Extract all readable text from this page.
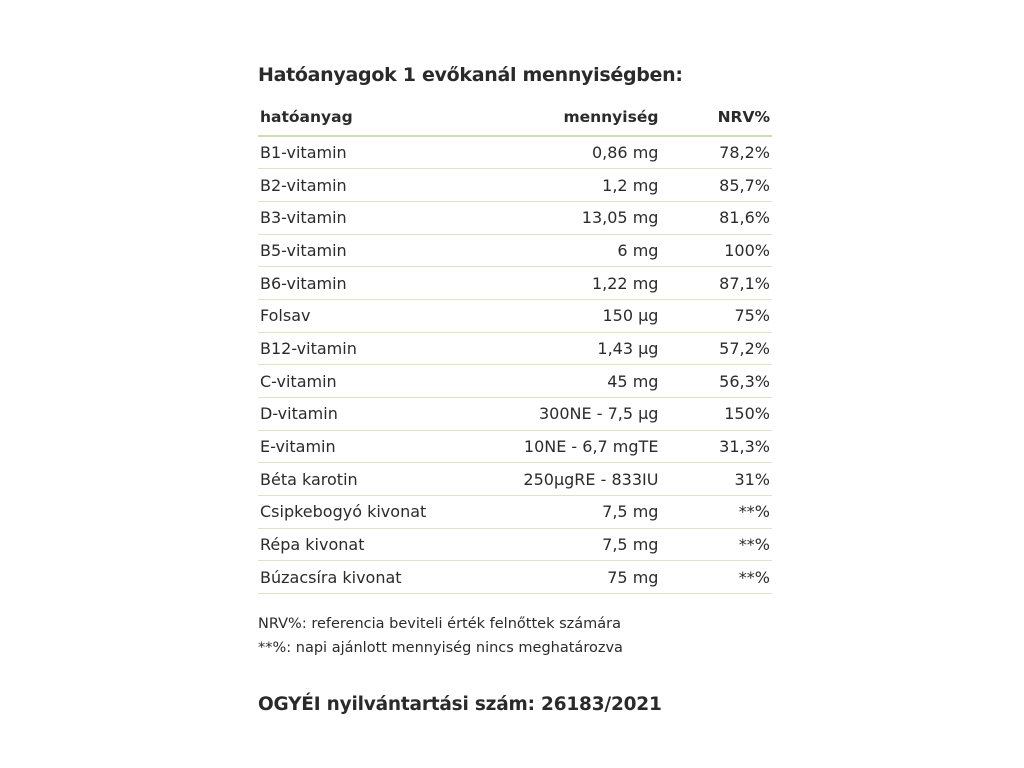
Hatóanyagok 1 evőkanál mennyiségben:
hatóanyag	mennyiség	NRV%
B1-vitamin	0,86 mg	78,2%
B2-vitamin	1,2 mg	85,7%
B3-vitamin	13,05 mg	81,6%
B5-vitamin	6 mg	100%
B6-vitamin	1,22 mg	87,1%
Folsav	150 µg	75%
B12-vitamin	1,43 µg	57,2%
C-vitamin	45 mg	56,3%
D-vitamin	300NE - 7,5 µg	150%
E-vitamin	10NE - 6,7 mgTE	31,3%
Béta karotin	250µgRE - 833IU	31%
Csipkebogyó kivonat	7,5 mg	**%
Répa kivonat	7,5 mg	**%
Búzacsíra kivonat	75 mg	**%
NRV%: referencia beviteli érték felnőttek számára
**%: napi ajánlott mennyiség nincs meghatározva
OGYÉI nyilvántartási szám: 26183/2021
